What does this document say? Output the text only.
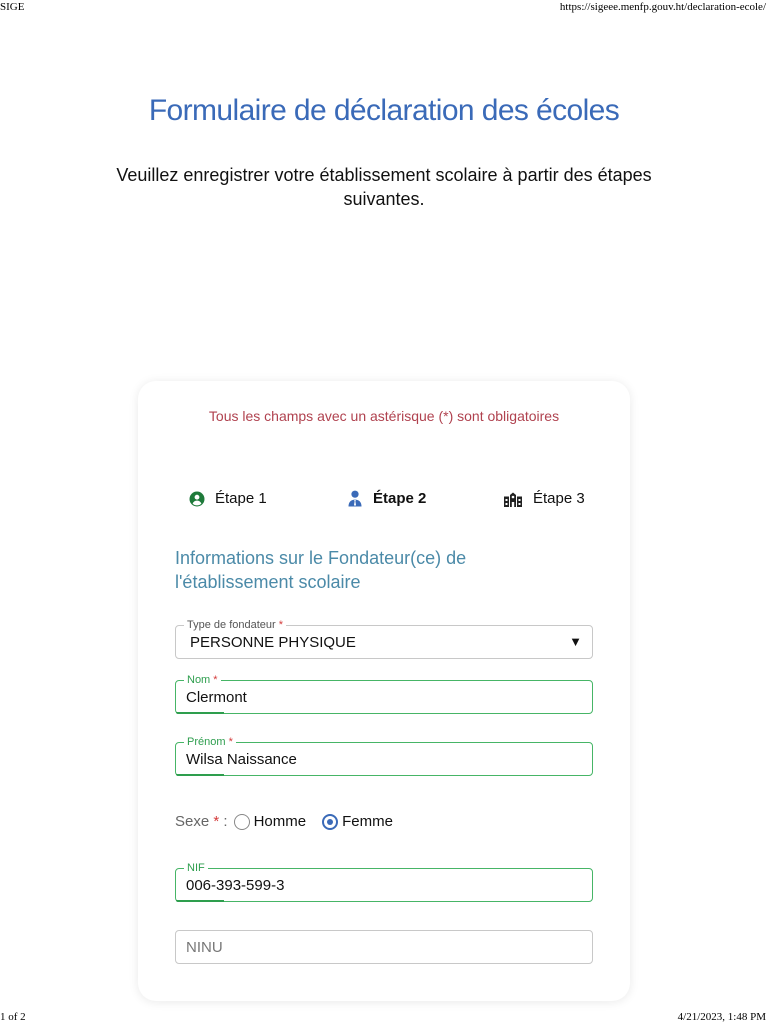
SIGE	https://sigeee.menfp.gouv.ht/declaration-ecole/
Formulaire de déclaration des écoles

Veuillez enregistrer votre établissement scolaire à partir des étapes suivantes.

Tous les champs avec un astérisque (*) sont obligatoires
Étape 1	Étape 2	Étape 3
Informations sur le Fondateur(ce) de l'établissement scolaire
Type de fondateur *
PERSONNE PHYSIQUE	▼
Nom *
Clermont
Prénom *
Wilsa Naissance
Sexe * : Homme Femme
NIF
006-393-599-3
NINU
1 of 2	4/21/2023, 1:48 PM
